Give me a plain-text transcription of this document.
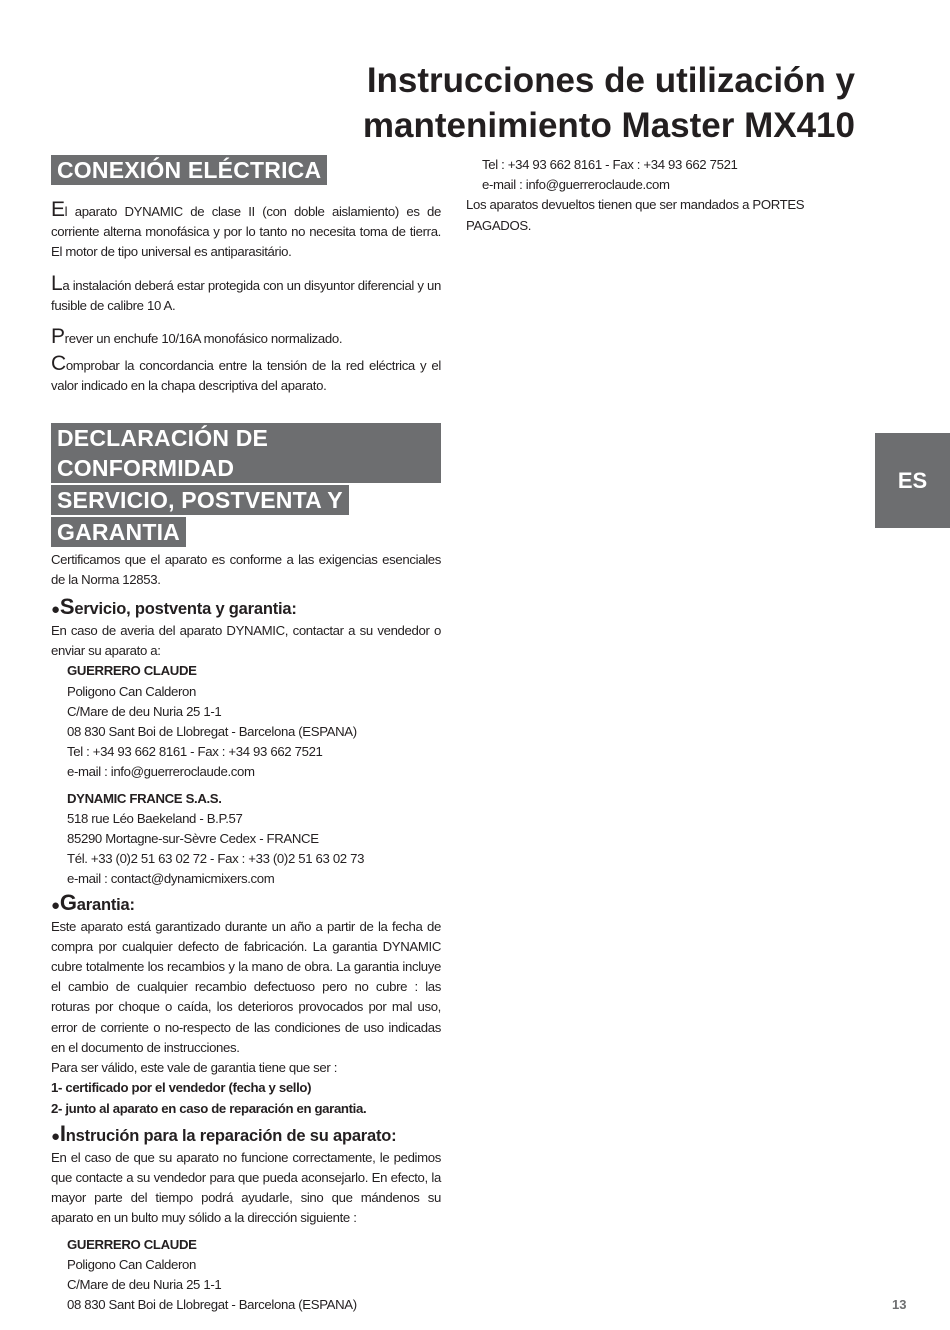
Instrucciones de utilización y
mantenimiento Master MX410
CONEXIÓN ELÉCTRICA

El aparato DYNAMIC de clase II (con doble aislamiento) es de corriente alterna monofásica y por lo tanto no necesita toma de tierra. El motor de tipo universal es antiparasitário.

La instalación deberá estar protegida con un disyuntor diferencial y un fusible de calibre 10 A.

Prever un enchufe 10/16A monofásico normalizado.

Comprobar la concordancia entre la tensión de la red eléctrica y el valor indicado en la chapa descriptiva del aparato.

DECLARACIÓN DE CONFORMIDAD
SERVICIO, POSTVENTA Y
GARANTIA

Certificamos que el aparato es conforme a las exigencias esenciales de la Norma 12853.

●Servicio, postventa y garantia:

En caso de averia del aparato DYNAMIC, contactar a su vendedor o enviar su aparato a:

GUERRERO CLAUDE
Poligono Can Calderon
C/Mare de deu Nuria 25 1-1
08 830 Sant Boi de Llobregat - Barcelona (ESPANA)
Tel : +34 93 662 8161 - Fax : +34 93 662 7521
e-mail : info@guerreroclaude.com
DYNAMIC FRANCE S.A.S.
518 rue Léo Baekeland - B.P.57
85290 Mortagne-sur-Sèvre Cedex - FRANCE
Tél. +33 (0)2 51 63 02 72 - Fax : +33 (0)2 51 63 02 73
e-mail : contact@dynamicmixers.com
●Garantia:

Este aparato está garantizado durante un año a partir de la fecha de compra por cualquier defecto de fabricación. La garantia DYNAMIC cubre totalmente los recambios y la mano de obra. La garantia incluye el cambio de cualquier recambio defectuoso pero no cubre : las roturas por choque o caída, los deterioros provocados por mal uso, error de corriente o no-respecto de las condiciones de uso indicadas en el documento de instrucciones.

Para ser válido, este vale de garantia tiene que ser :

1- certificado por el vendedor (fecha y sello)

2- junto al aparato en caso de reparación en garantia.

●Instrución para la reparación de su aparato:

En el caso de que su aparato no funcione correctamente, le pedimos que contacte a su vendedor para que pueda aconsejarlo. En efecto, la mayor parte del tiempo podrá ayudarle, sino que mándenos su aparato en un bulto muy sólido a la dirección siguiente :

GUERRERO CLAUDE
Poligono Can Calderon
C/Mare de deu Nuria 25 1-1
08 830 Sant Boi de Llobregat - Barcelona (ESPANA)
Tel : +34 93 662 8161 - Fax : +34 93 662 7521
e-mail : info@guerreroclaude.com
Los aparatos devueltos tienen que ser mandados a PORTES PAGADOS.
ES
13
